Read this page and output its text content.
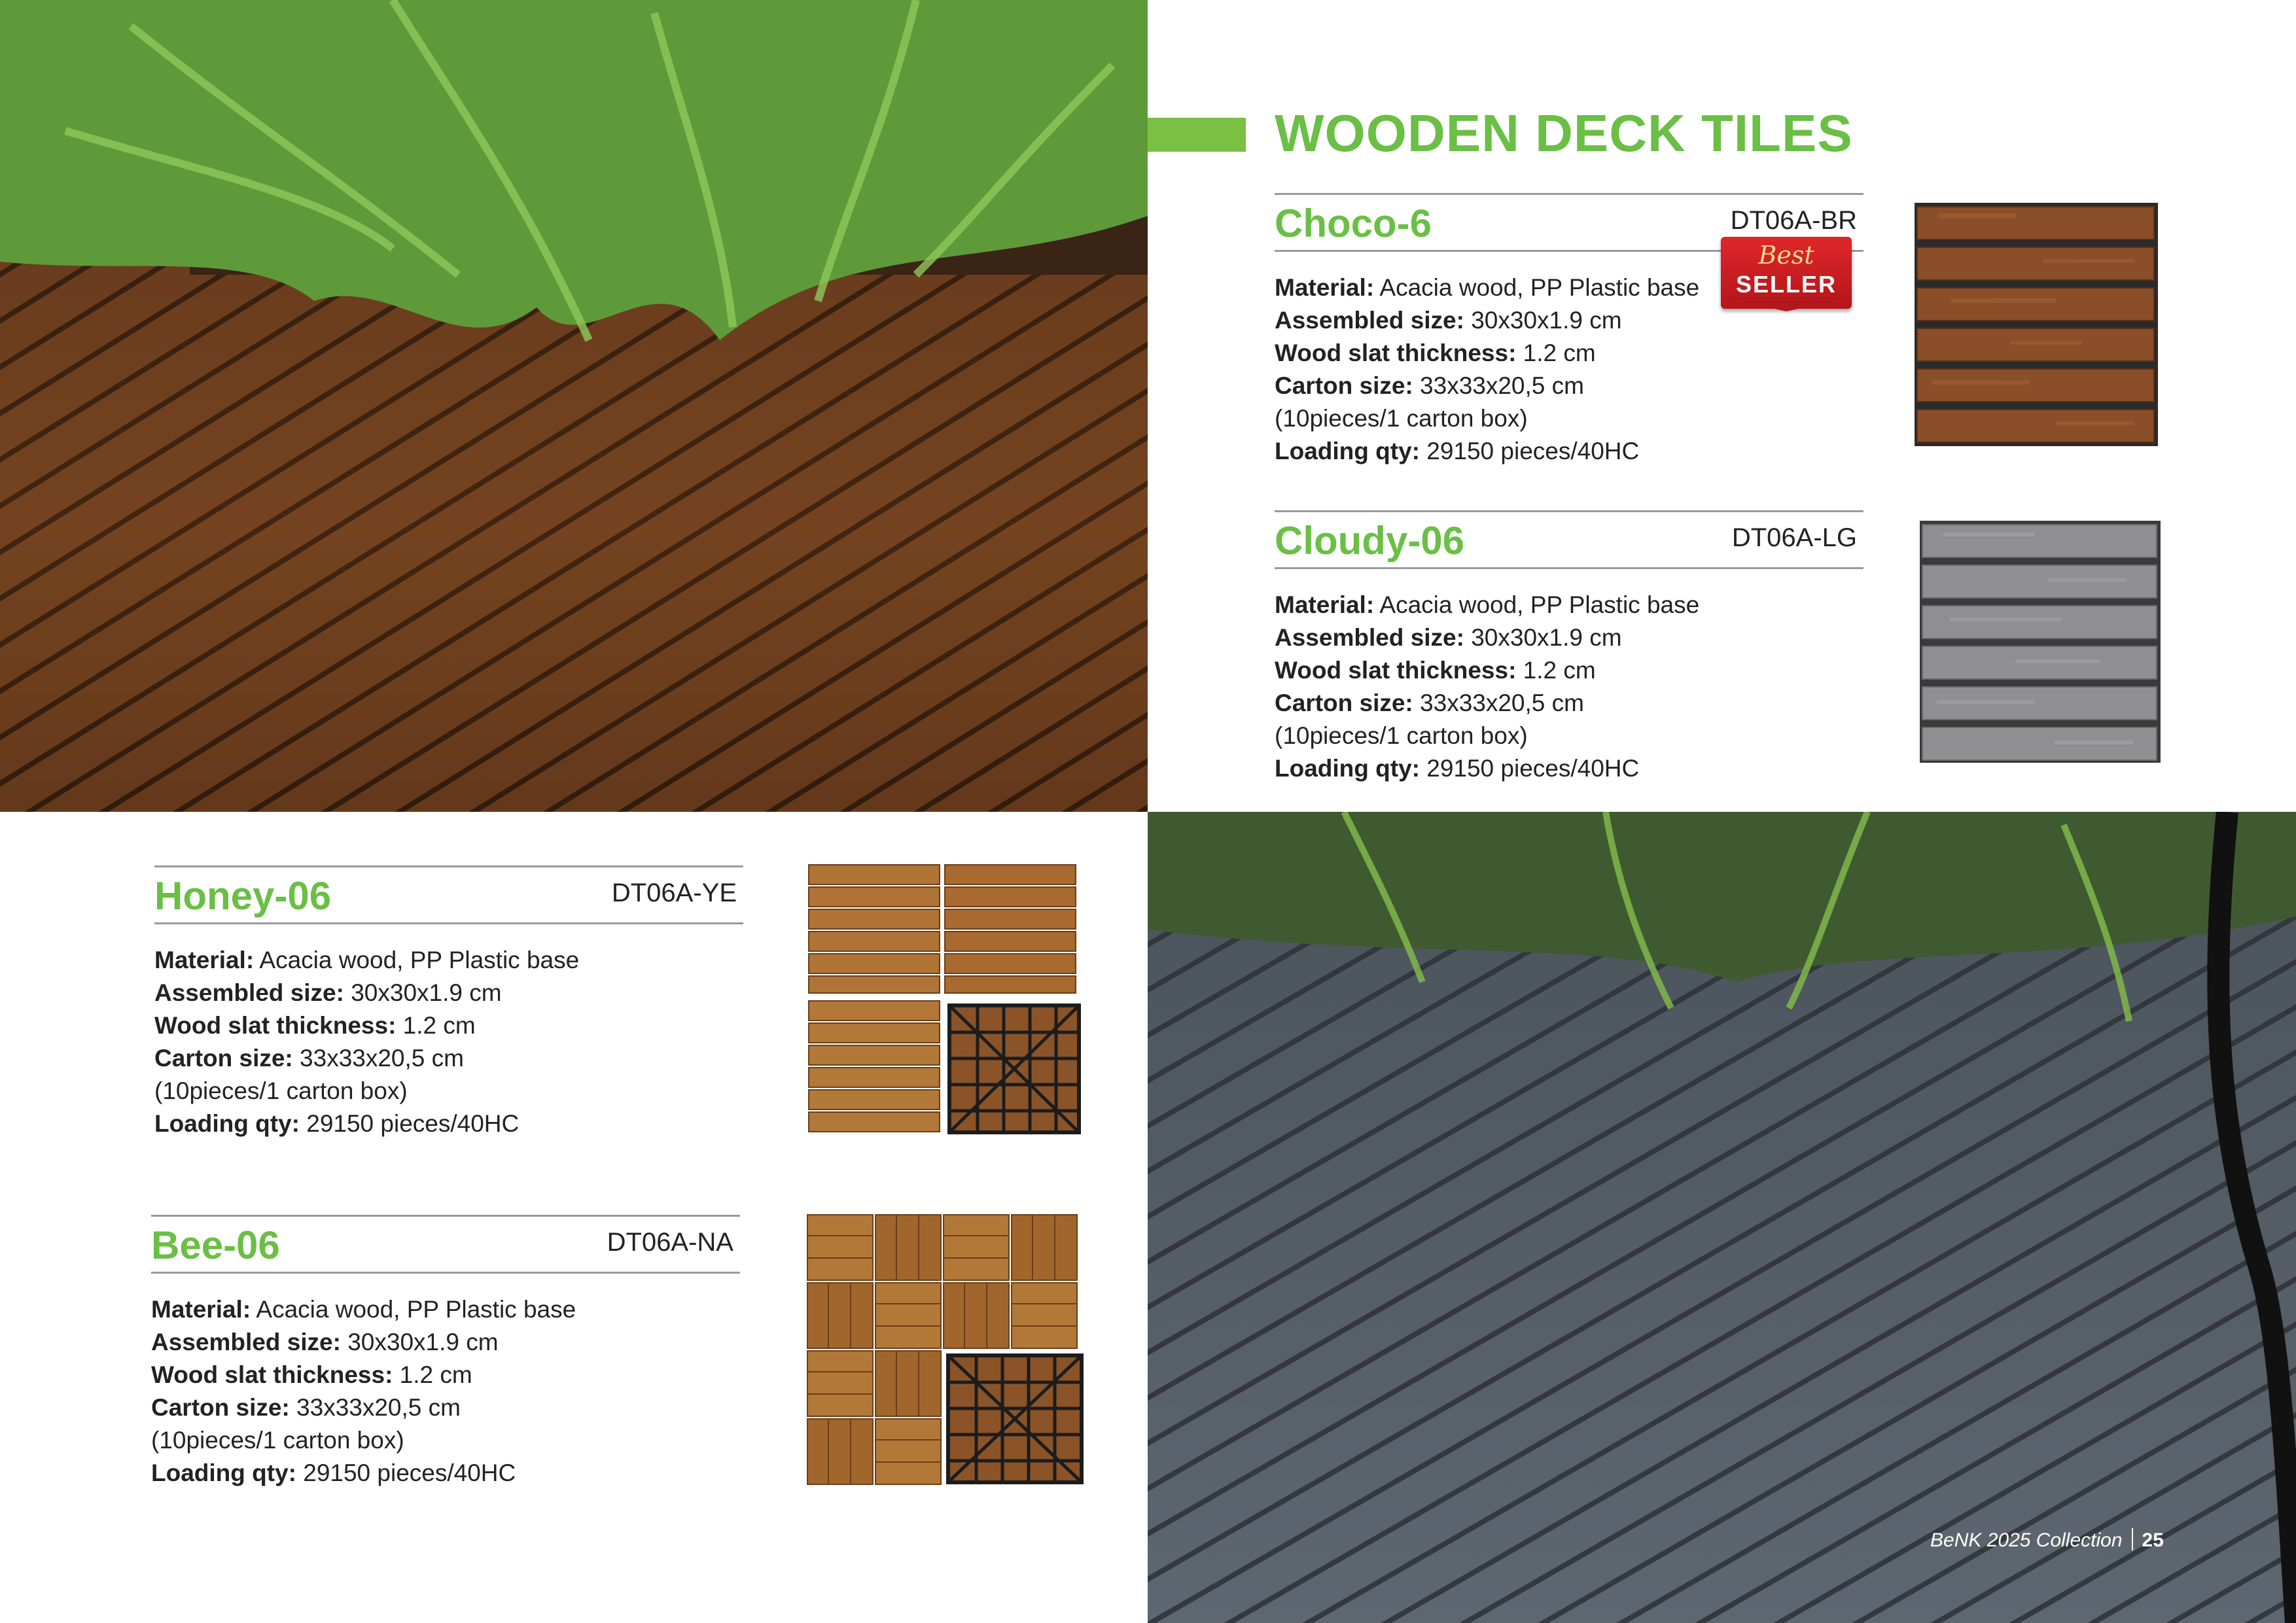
WOODEN DECK TILES
Choco-6	DT06A-BR
Material: Acacia wood, PP Plastic base
Assembled size: 30x30x1.9 cm
Wood slat thickness: 1.2 cm
Carton size: 33x33x20,5 cm
(10pieces/1 carton box)
Loading qty: 29150 pieces/40HC
Best
SELLER
Cloudy-06	DT06A-LG
Material: Acacia wood, PP Plastic base
Assembled size: 30x30x1.9 cm
Wood slat thickness: 1.2 cm
Carton size: 33x33x20,5 cm
(10pieces/1 carton box)
Loading qty: 29150 pieces/40HC
Honey-06	DT06A-YE
Material: Acacia wood, PP Plastic base
Assembled size: 30x30x1.9 cm
Wood slat thickness: 1.2 cm
Carton size: 33x33x20,5 cm
(10pieces/1 carton box)
Loading qty: 29150 pieces/40HC
Bee-06	DT06A-NA
Material: Acacia wood, PP Plastic base
Assembled size: 30x30x1.9 cm
Wood slat thickness: 1.2 cm
Carton size: 33x33x20,5 cm
(10pieces/1 carton box)
Loading qty: 29150 pieces/40HC
BeNK 2025 Collection 25
